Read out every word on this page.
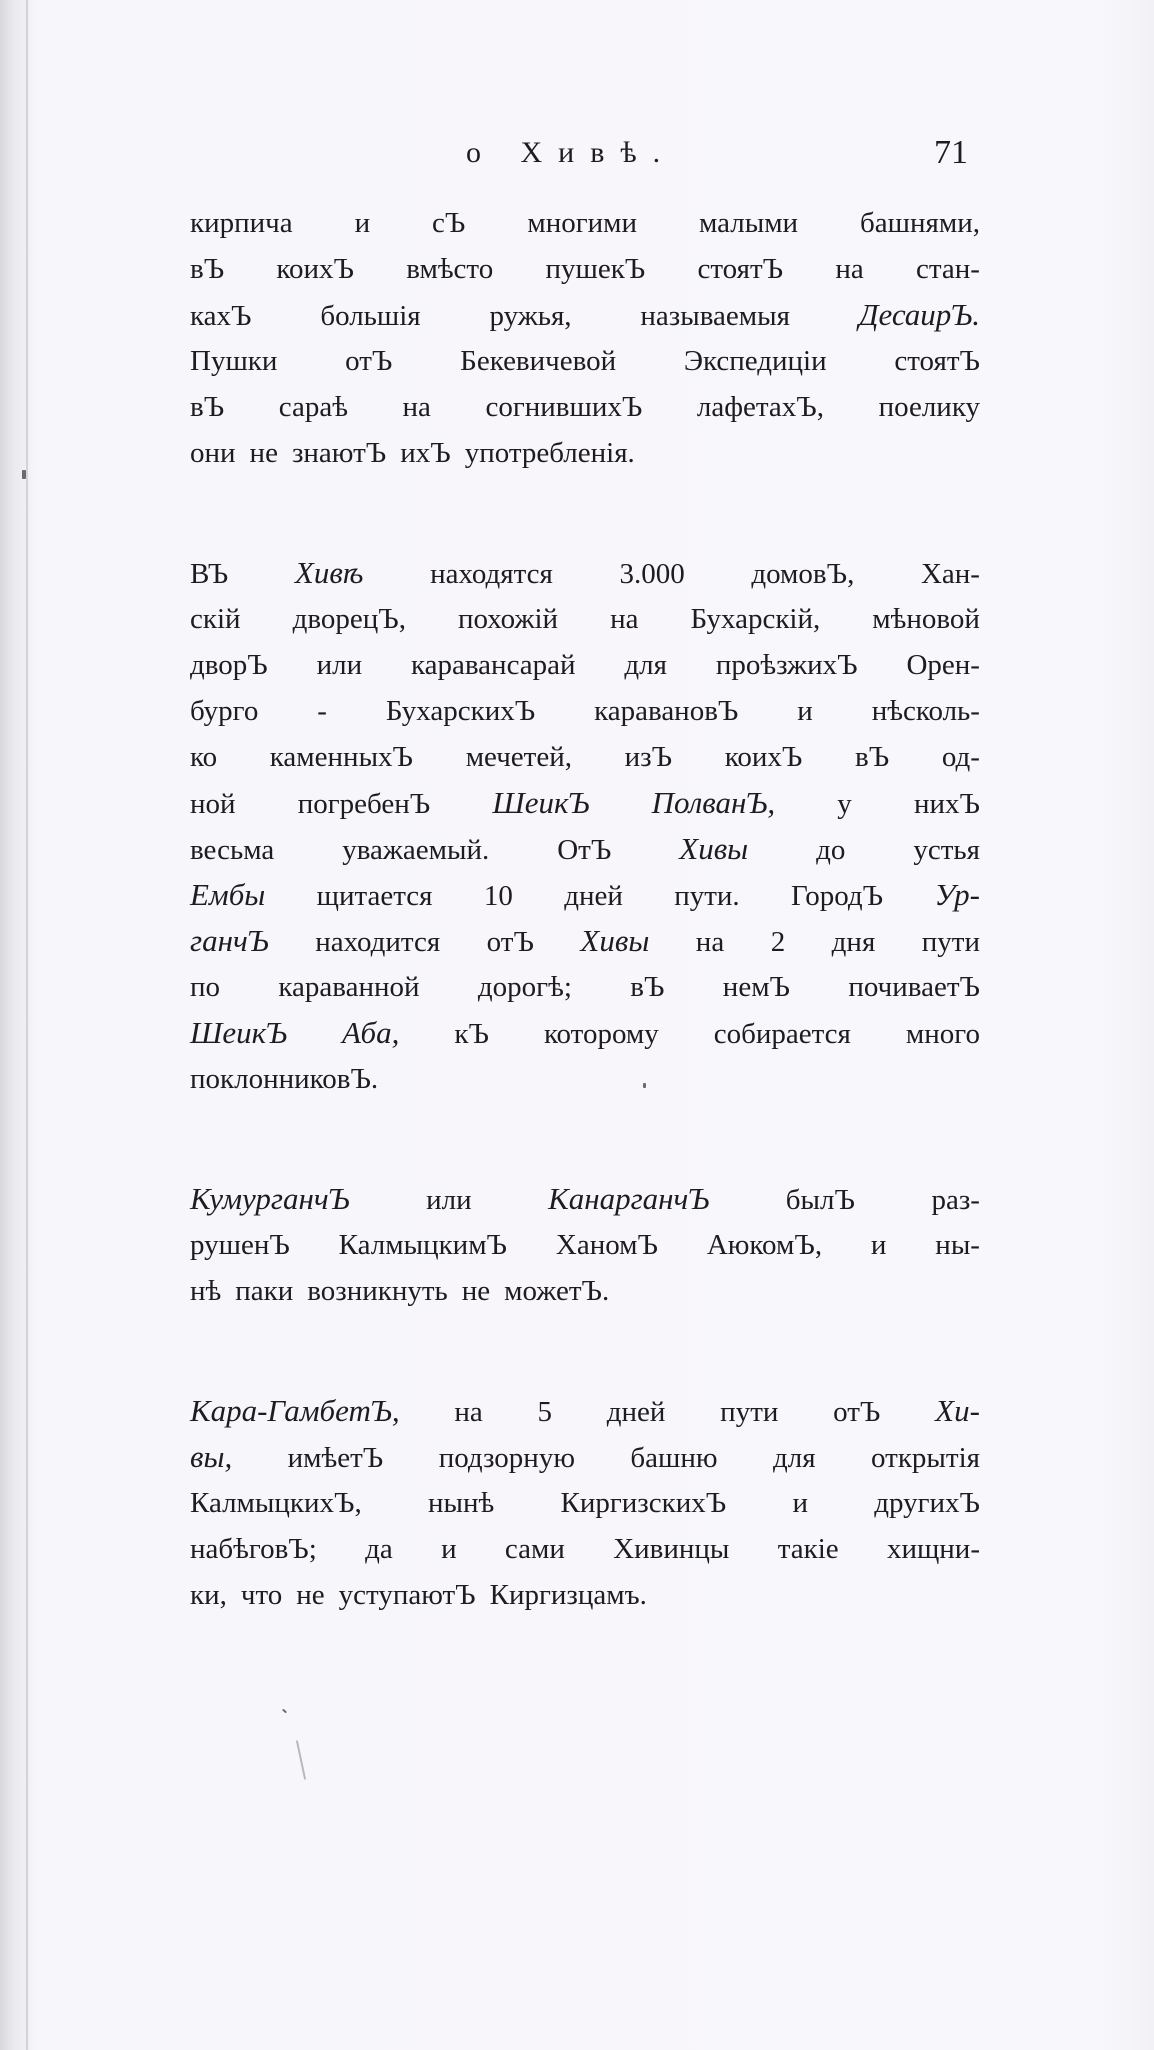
о Хивѣ.	71
кирпича и сЪ многими малыми башнями,
вЪ коихЪ вмѣсто пушекЪ стоятЪ на стан-
кахЪ большія ружья, называемыя ДесаирЪ.
Пушки отЪ Бекевичевой Экспедиціи стоятЪ
вЪ сараѣ на согнившихЪ лафетахЪ, поелику
они не знаютЪ ихЪ употребленія.
ВЪ Хивѣ находятся 3.000 домовЪ, Хан-
скій дворецЪ, похожій на Бухарскій, мѣновой
дворЪ или каравансарай для проѣзжихЪ Орен-
бурго - БухарскихЪ каравановЪ и нѣсколь-
ко каменныхЪ мечетей, изЪ коихЪ вЪ од-
ной погребенЪ ШеикЪ ПолванЪ, у нихЪ
весьма уважаемый. ОтЪ Хивы до устья
Ембы щитается 10 дней пути. ГородЪ Ур-
ганчЪ находится отЪ Хивы на 2 дня пути
по караванной дорогѣ; вЪ немЪ почиваетЪ
ШеикЪ Аба, кЪ которому собирается много
поклонниковЪ.
КумурганчЪ	или КанарганчЪ	былЪ	раз-
рушенЪ КалмыцкимЪ ХаномЪ АюкомЪ, и ны-
нѣ паки возникнуть не можетЪ.
Кара-ГамбетЪ, на 5 дней пути отЪ Хи-
вы, имѣетЪ подзорную башню для открытія
КалмыцкихЪ, нынѣ КиргизскихЪ и другихЪ
набѣговЪ; да и сами Хивинцы такіе хищни-
ки, что не уступаютЪ Киргизцамъ.
